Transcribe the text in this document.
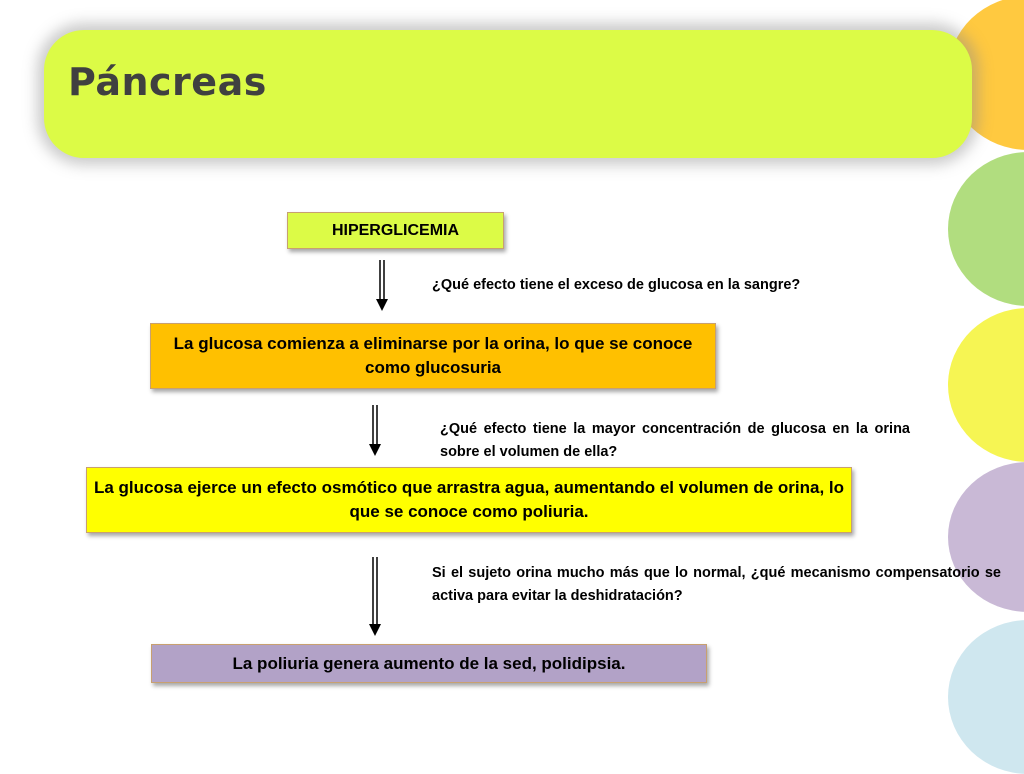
Páncreas
HIPERGLICEMIA
La glucosa comienza a eliminarse por la orina, lo que se conoce como glucosuria
La glucosa ejerce un efecto osmótico que arrastra agua, aumentando el volumen de orina, lo que se conoce como poliuria.
La poliuria genera aumento de la sed, polidipsia.
¿Qué efecto tiene el exceso de glucosa en la sangre?
¿Qué efecto tiene la mayor concentración de glucosa en la orina sobre el volumen de ella?
Si el sujeto orina mucho más que lo normal, ¿qué mecanismo compensatorio se activa para evitar la deshidratación?
